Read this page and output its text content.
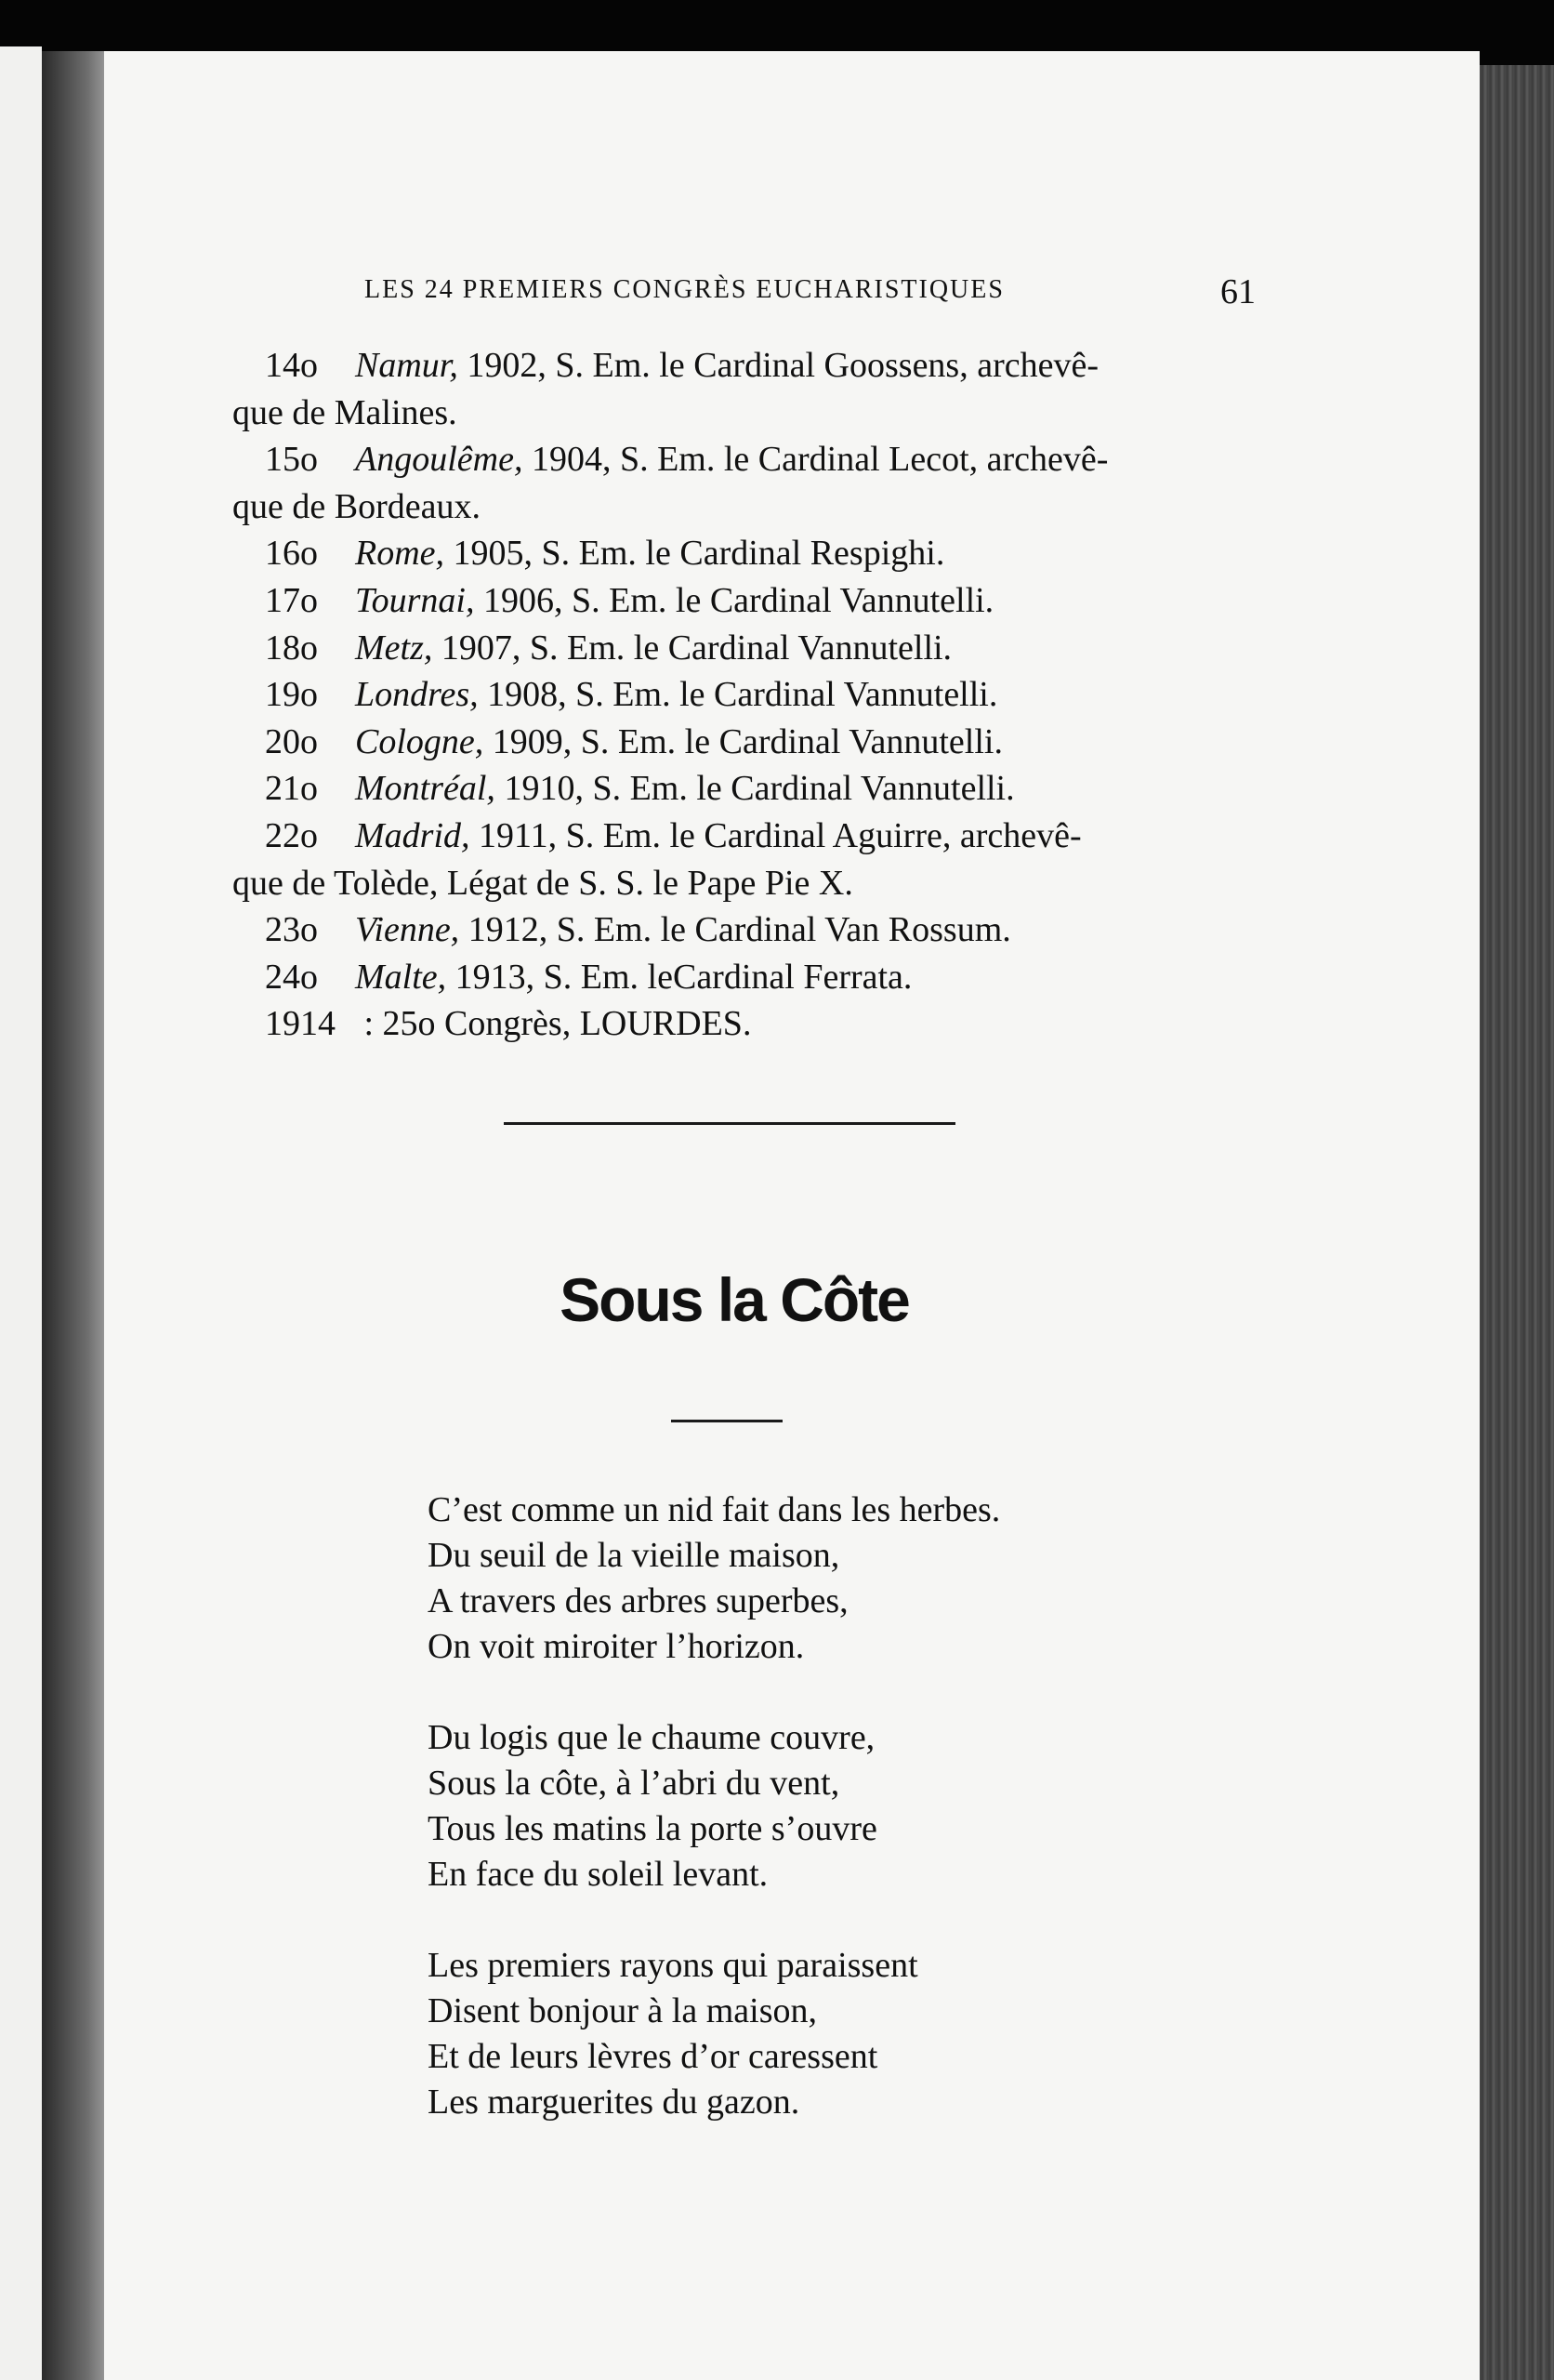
LES 24 PREMIERS CONGRÈS EUCHARISTIQUES	61
14o Namur, 1902, S. Em. le Cardinal Goossens, archevê-
que de Malines.
15o Angoulême, 1904, S. Em. le Cardinal Lecot, archevê-
que de Bordeaux.
16o Rome, 1905, S. Em. le Cardinal Respighi.
17o Tournai, 1906, S. Em. le Cardinal Vannutelli.
18o Metz, 1907, S. Em. le Cardinal Vannutelli.
19o Londres, 1908, S. Em. le Cardinal Vannutelli.
20o Cologne, 1909, S. Em. le Cardinal Vannutelli.
21o Montréal, 1910, S. Em. le Cardinal Vannutelli.
22o Madrid, 1911, S. Em. le Cardinal Aguirre, archevê-
que de Tolède, Légat de S. S. le Pape Pie X.
23o Vienne, 1912, S. Em. le Cardinal Van Rossum.
24o Malte, 1913, S. Em. leCardinal Ferrata.
1914 : 25o Congrès, LOURDES.
Sous la Côte
C’est comme un nid fait dans les herbes.
Du seuil de la vieille maison,
A travers des arbres superbes,
On voit miroiter l’horizon.
Du logis que le chaume couvre,
Sous la côte, à l’abri du vent,
Tous les matins la porte s’ouvre
En face du soleil levant.
Les premiers rayons qui paraissent
Disent bonjour à la maison,
Et de leurs lèvres d’or caressent
Les marguerites du gazon.
